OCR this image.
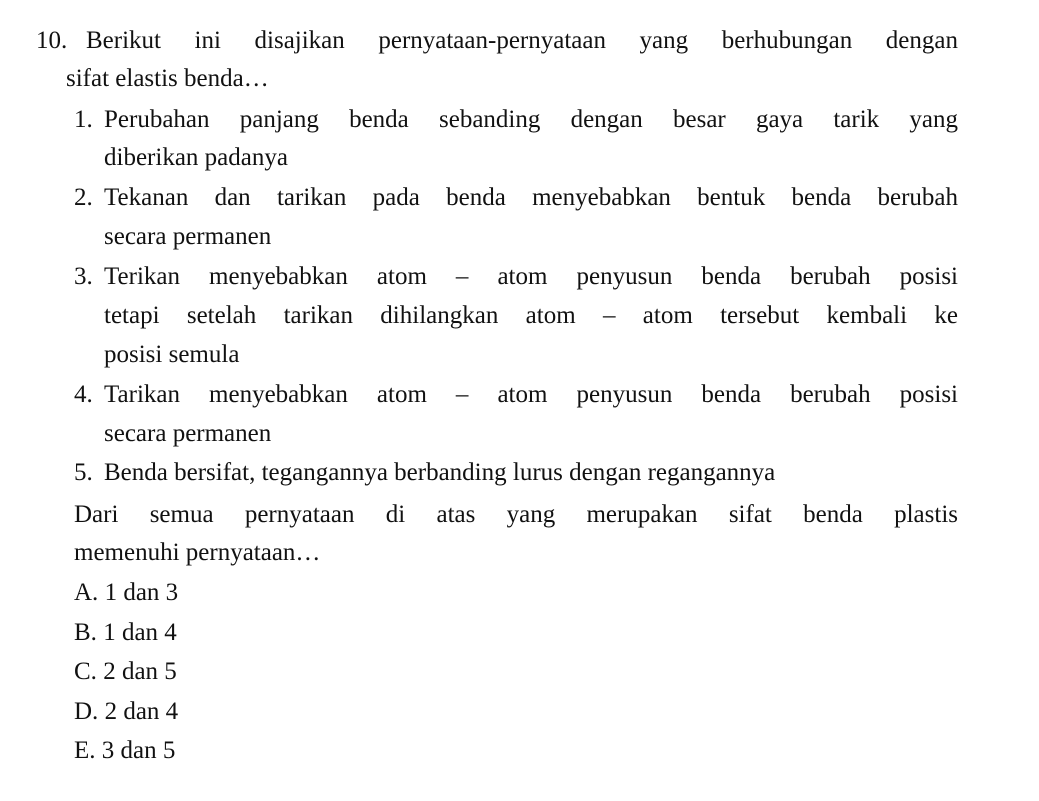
10. Berikut ini disajikan pernyataan-pernyataan yang berhubungan dengan
sifat elastis benda…
1. Perubahan panjang benda sebanding dengan besar gaya tarik yang
diberikan padanya
2. Tekanan dan tarikan pada benda menyebabkan bentuk benda berubah
secara permanen
3. Terikan menyebabkan atom – atom penyusun benda berubah posisi
tetapi setelah tarikan dihilangkan atom – atom tersebut kembali ke
posisi semula
4. Tarikan menyebabkan atom – atom penyusun benda berubah posisi
secara permanen
5. Benda bersifat, tegangannya berbanding lurus dengan regangannya
Dari semua pernyataan di atas yang merupakan sifat benda plastis
memenuhi pernyataan…
A. 1 dan 3
B. 1 dan 4
C. 2 dan 5
D. 2 dan 4
E. 3 dan 5
